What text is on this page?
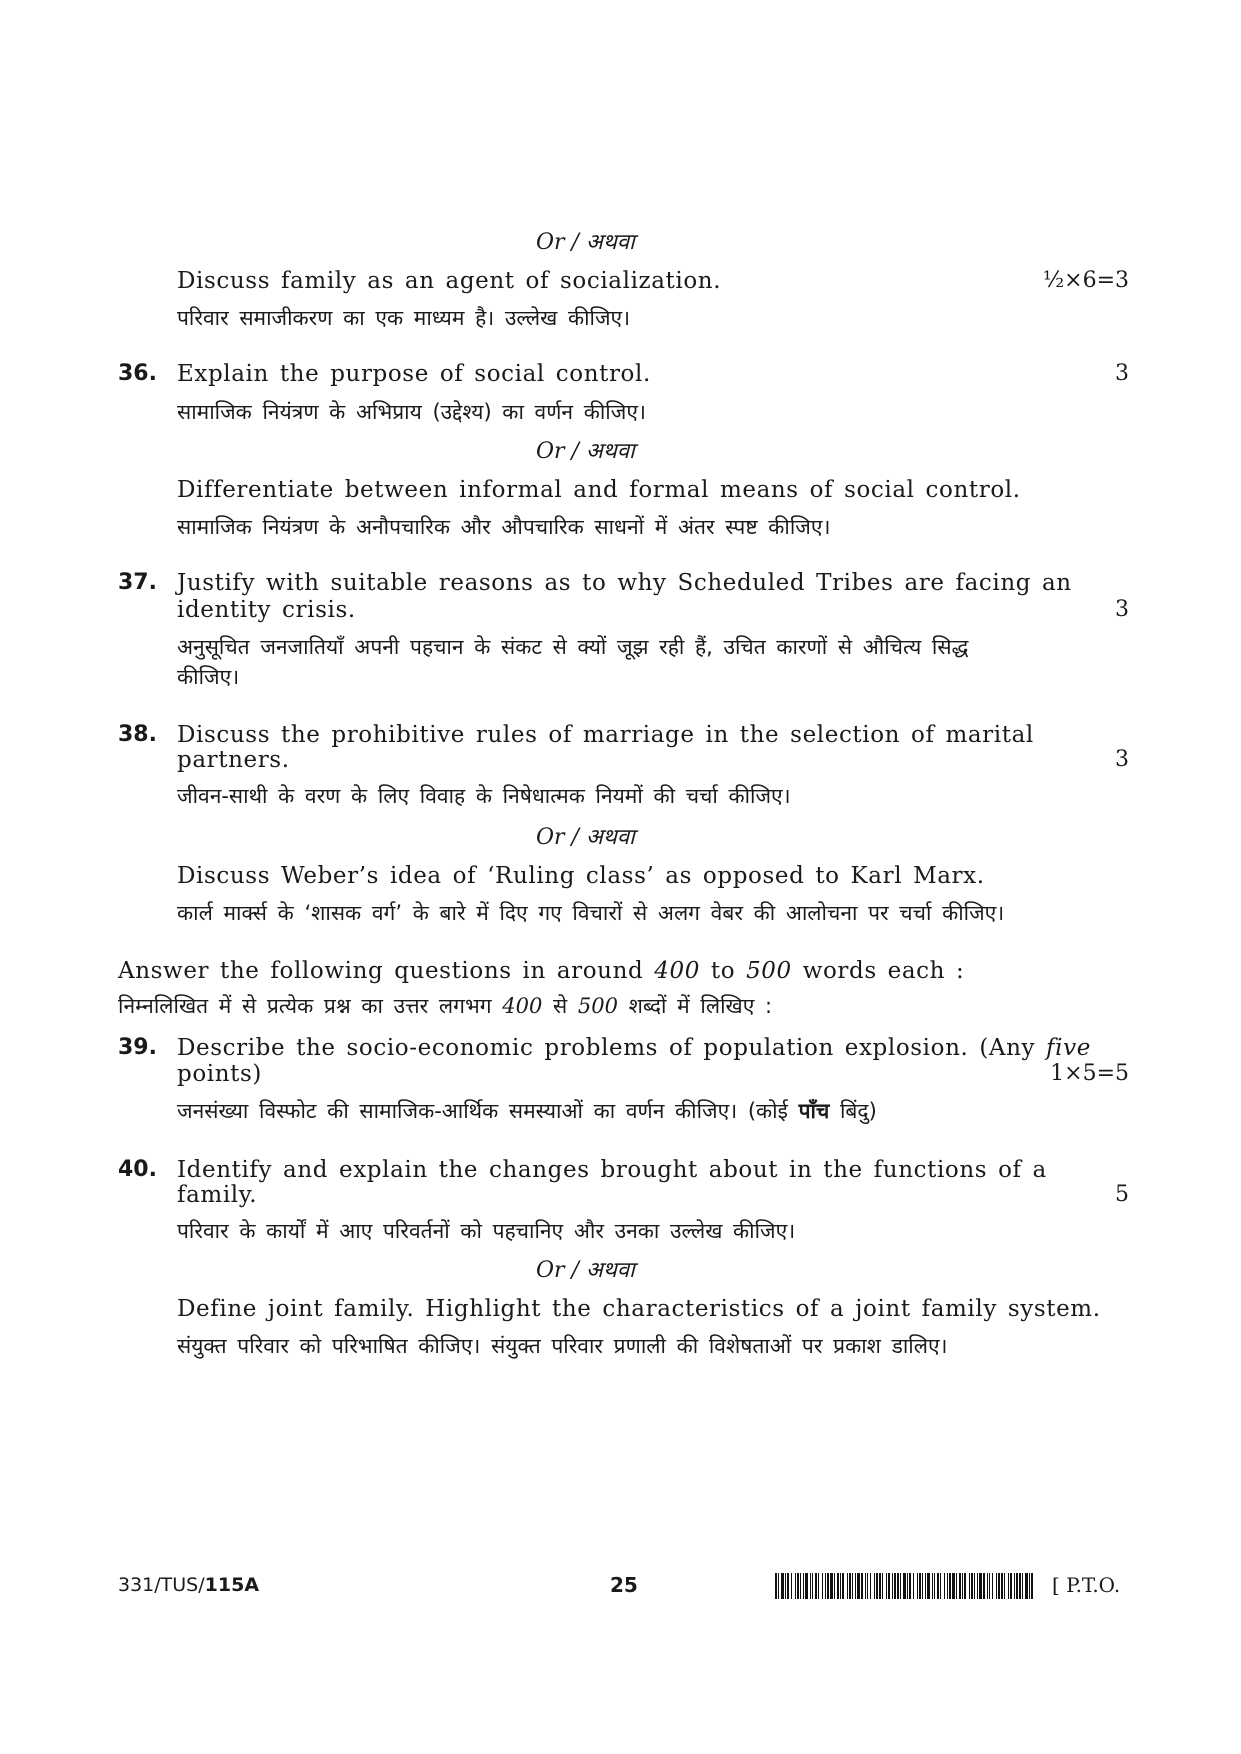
Or / अथवा
Discuss family as an agent of socialization.	½×6=3
परिवार समाजीकरण का एक माध्यम है। उल्लेख कीजिए।
36. Explain the purpose of social control.	3
सामाजिक नियंत्रण के अभिप्राय (उद्देश्य) का वर्णन कीजिए।
Or / अथवा
Differentiate between informal and formal means of social control.
सामाजिक नियंत्रण के अनौपचारिक और औपचारिक साधनों में अंतर स्पष्ट कीजिए।
37. Justify with suitable reasons as to why Scheduled Tribes are facing an
identity crisis.	3
अनुसूचित जनजातियाँ अपनी पहचान के संकट से क्यों जूझ रही हैं, उचित कारणों से औचित्य सिद्ध
कीजिए।
38. Discuss the prohibitive rules of marriage in the selection of marital
partners.	3
जीवन-साथी के वरण के लिए विवाह के निषेधात्मक नियमों की चर्चा कीजिए।
Or / अथवा
Discuss Weber’s idea of ‘Ruling class’ as opposed to Karl Marx.
कार्ल मार्क्स के ‘शासक वर्ग’ के बारे में दिए गए विचारों से अलग वेबर की आलोचना पर चर्चा कीजिए।
Answer the following questions in around 400 to 500 words each :
निम्नलिखित में से प्रत्येक प्रश्न का उत्तर लगभग 400 से 500 शब्दों में लिखिए :
39. Describe the socio-economic problems of population explosion. (Any five
points)	1×5=5
जनसंख्या विस्फोट की सामाजिक-आर्थिक समस्याओं का वर्णन कीजिए। (कोई पाँच बिंदु)
40. Identify and explain the changes brought about in the functions of a
family.	5
परिवार के कार्यों में आए परिवर्तनों को पहचानिए और उनका उल्लेख कीजिए।
Or / अथवा
Define joint family. Highlight the characteristics of a joint family system.
संयुक्त परिवार को परिभाषित कीजिए। संयुक्त परिवार प्रणाली की विशेषताओं पर प्रकाश डालिए।
331/TUS/115A	25	[ P.T.O.
